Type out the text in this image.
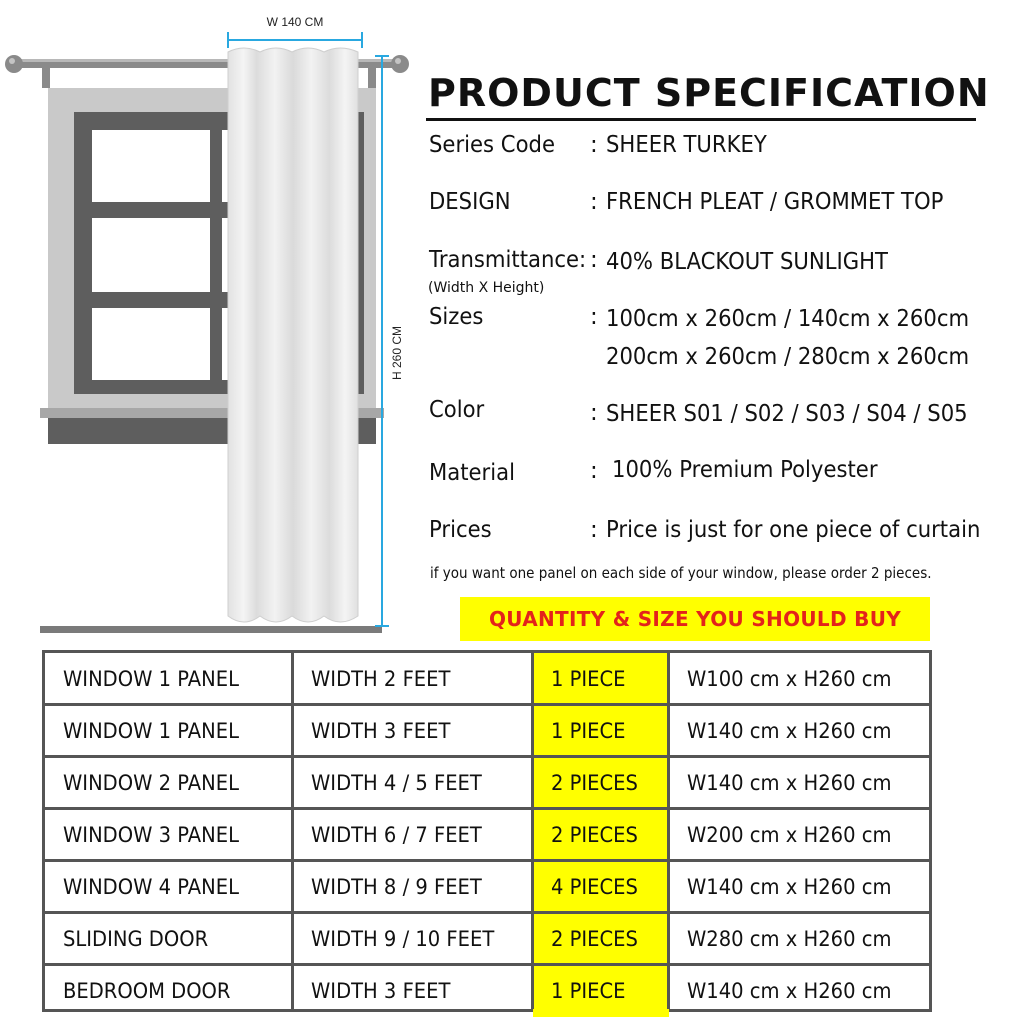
W 140 CM
H 260 CM
PRODUCT SPECIFICATION
Series Code : SHEER TURKEY
DESIGN	: FRENCH PLEAT / GROMMET TOP
Transmittance: : 40% BLACKOUT SUNLIGHT
(Width X Height)
Sizes	: 100cm x 260cm / 140cm x 260cm
200cm x 260cm / 280cm x 260cm
Color	: SHEER S01 / S02 / S03 / S04 / S05
Material	: 100% Premium Polyester
Prices	: Price is just for one piece of curtain
if you want one panel on each side of your window, please order 2 pieces.
QUANTITY & SIZE YOU SHOULD BUY
WINDOW 1 PANEL	WIDTH 2 FEET	1 PIECE	W100 cm x H260 cm
WINDOW 1 PANEL	WIDTH 3 FEET	1 PIECE	W140 cm x H260 cm
WINDOW 2 PANEL	WIDTH 4 / 5 FEET	2 PIECES W140 cm x H260 cm
WINDOW 3 PANEL	WIDTH 6 / 7 FEET	2 PIECES W200 cm x H260 cm
WINDOW 4 PANEL	WIDTH 8 / 9 FEET	4 PIECES W140 cm x H260 cm
SLIDING DOOR	WIDTH 9 / 10 FEET	2 PIECES W280 cm x H260 cm
BEDROOM DOOR	WIDTH 3 FEET	1 PIECE	W140 cm x H260 cm
